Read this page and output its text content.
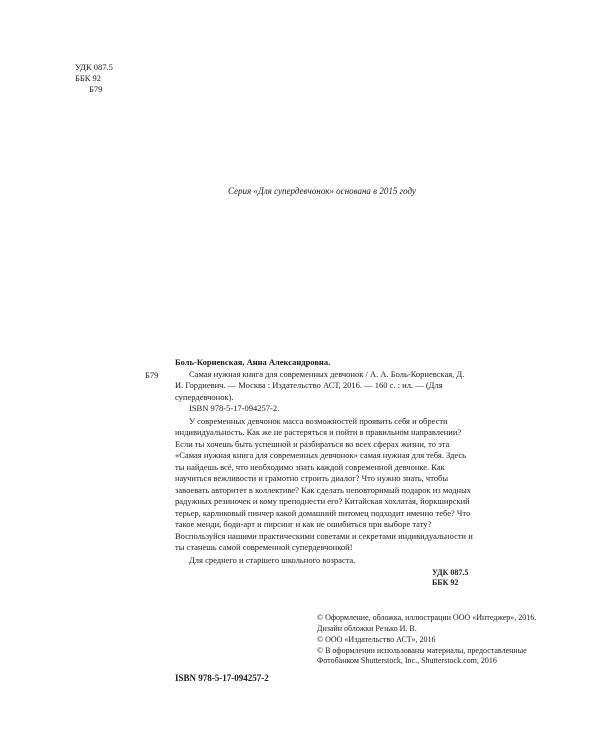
УДК 087.5
ББК 92
Б79
Серия «Для супердевчонок» основана в 2015 году
Б79

Боль-Корневская, Анна Александровна.

Самая нужная книга для современных девчонок / А. А. Боль-Корневская, Д. И. Гордиевич. — Москва : Издательство АСТ, 2016. — 160 с. : ил. — (Для супердевчонок).

ISBN 978-5-17-094257-2.

У современных девчонок масса возможностей проявить себя и обрести индивидуальность. Как же не растеряться и пойти в правильном направлении? Если ты хочешь быть успешной и разбираться во всех сферах жизни, то эта «Самая нужная книга для современных девчонок» самая нужная для тебя. Здесь ты найдешь всё, что необходимо знать каждой современной девчонке. Как научиться вежливости и грамотно строить диалог? Что нужно знать, чтобы завоевать авторитет в коллективе? Как сделать неповторимый подарок из модных радужных резиночек и кому преподнести его? Китайская хохлатая, йоркширский терьер, карликовый пинчер какой домашний питомец подходит именно тебе? Что такое менди, боди-арт и пирсинг и как не ошибиться при выборе тату? Воспользуйся нашими практическими советами и секретами индивидуальности и ты станешь самой современной супердевчонкой!

Для среднего и старшего школьного возраста.

УДК 087.5
ББК 92

© Оформление, обложка, иллюстрации ООО «Интеджер», 2016.

Дизайн обложки Резько И. В.

© ООО «Издательство АСТ», 2016

© В оформлении использованы материалы, предоставленные Фотобанком Shutterstock, Inc., Shutterstock.com, 2016

ISBN 978-5-17-094257-2
